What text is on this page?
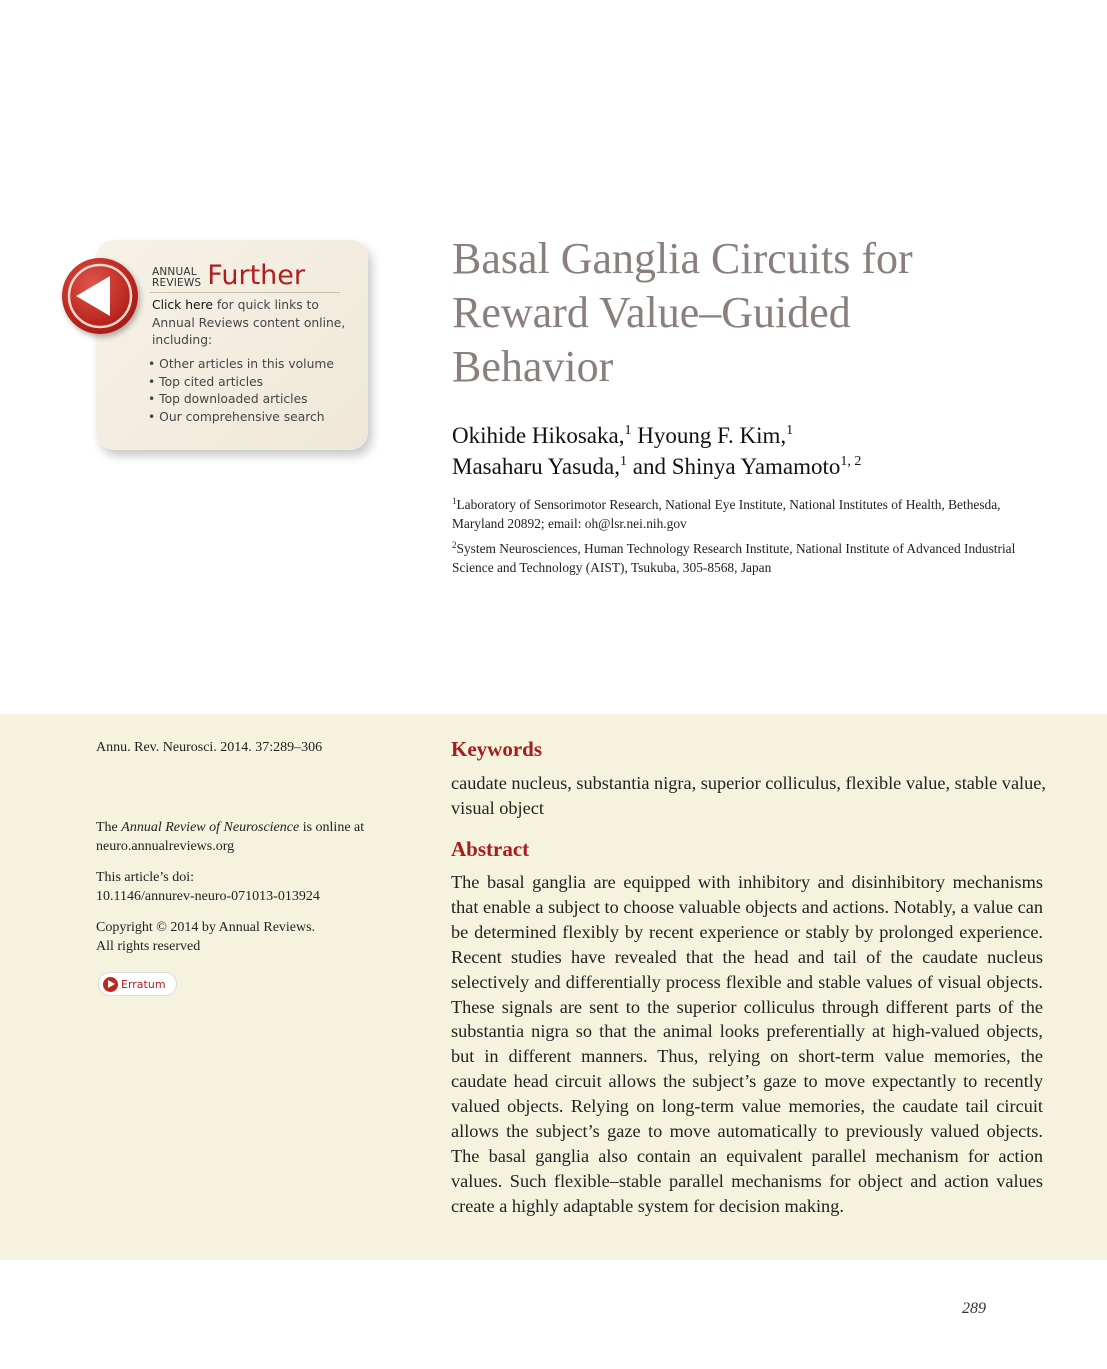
ANNUAL
REVIEWS Further
Click here for quick links to Annual Reviews content online, including:
• Other articles in this volume
• Top cited articles
• Top downloaded articles
• Our comprehensive search
Basal Ganglia Circuits for
Reward Value–Guided
Behavior
Okihide Hikosaka,$^1$ Hyoung F. Kim,$^1$
Masaharu Yasuda,$^1$ and Shinya Yamamoto$^{1, 2}$
$^1$Laboratory of Sensorimotor Research, National Eye Institute, National Institutes of Health, Bethesda, Maryland 20892; email: oh@lsr.nei.nih.gov
$^2$System Neurosciences, Human Technology Research Institute, National Institute of Advanced Industrial Science and Technology (AIST), Tsukuba, 305-8568, Japan
Annu. Rev. Neurosci. 2014. 37:289–306
The Annual Review of Neuroscience is online at neuro.annualreviews.org
This article’s doi:
10.1146/annurev-neuro-071013-013924
Copyright © 2014 by Annual Reviews.
All rights reserved
Erratum
Keywords
caudate nucleus, substantia nigra, superior colliculus, flexible value, stable value, visual object
Abstract
The basal ganglia are equipped with inhibitory and disinhibitory mechanisms that enable a subject to choose valuable objects and actions. Notably, a value can be determined flexibly by recent experience or stably by prolonged experience. Recent studies have revealed that the head and tail of the caudate nucleus selectively and differentially process flexible and stable values of visual objects. These signals are sent to the superior colliculus through different parts of the substantia nigra so that the animal looks preferentially at high-valued objects, but in different manners. Thus, relying on short-term value memories, the caudate head circuit allows the subject’s gaze to move expectantly to recently valued objects. Relying on long-term value memories, the caudate tail circuit allows the subject’s gaze to move automatically to previously valued objects. The basal ganglia also contain an equivalent parallel mechanism for action values. Such flexible–stable parallel mechanisms for object and action values create a highly adaptable system for decision making.
289
